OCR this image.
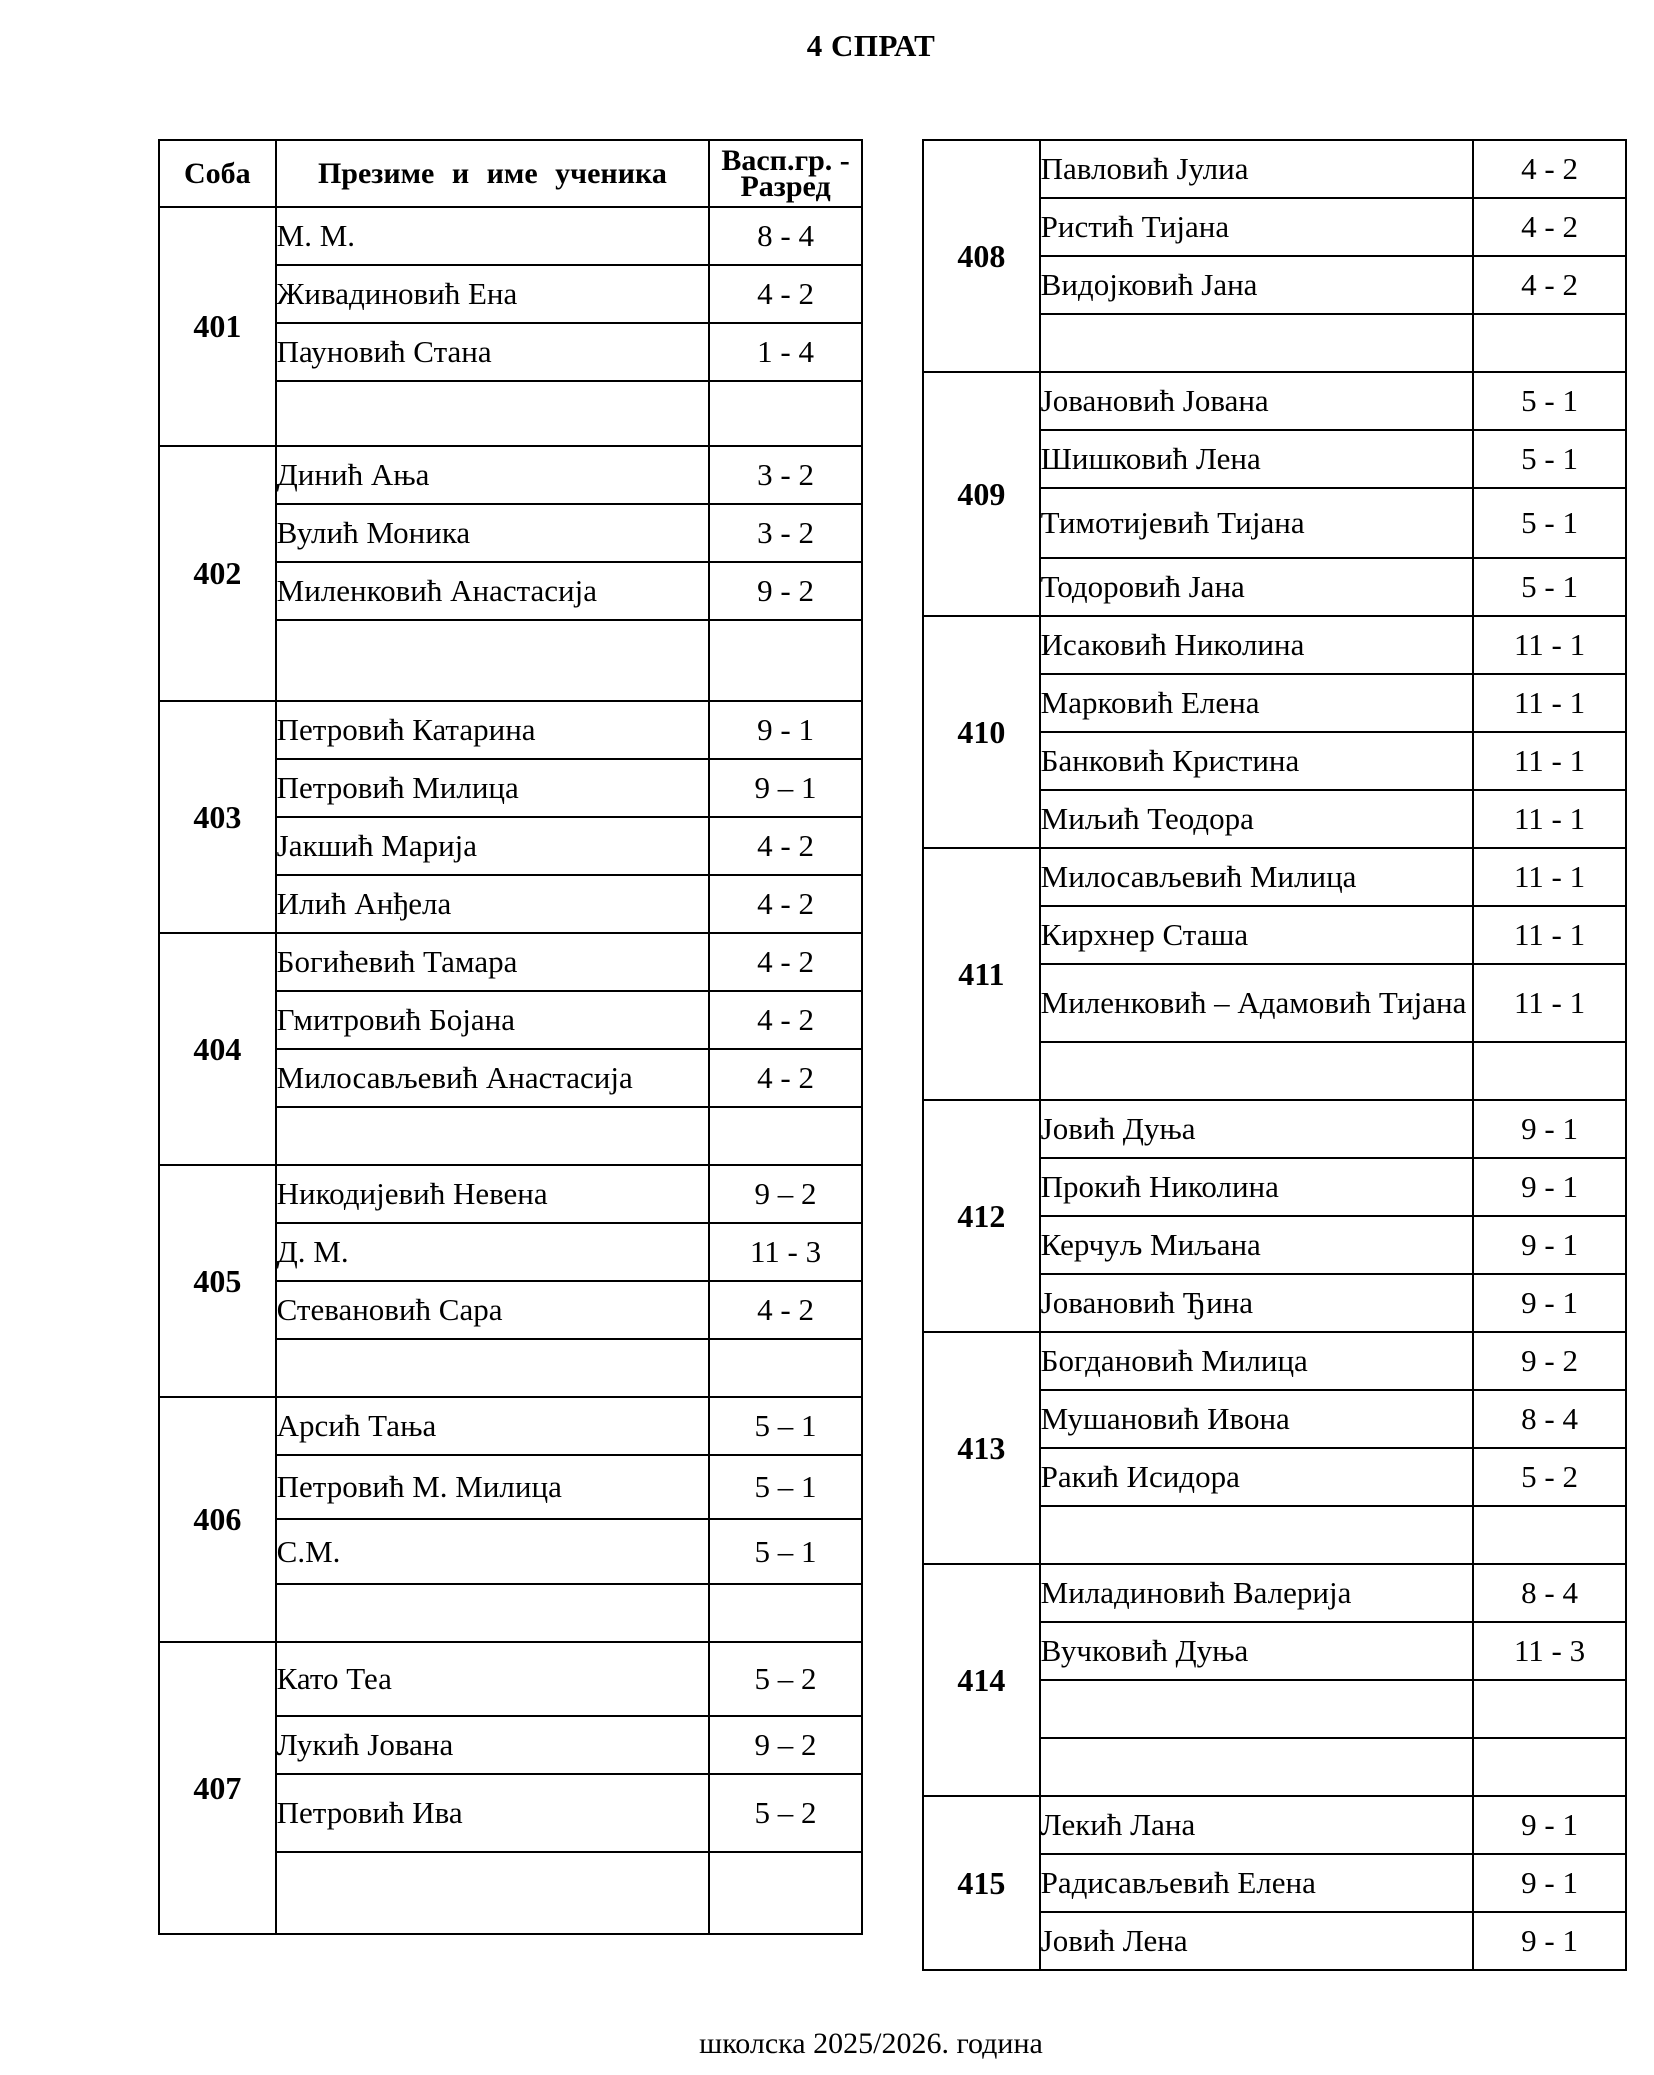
4 СПРАТ
Соба	Презиме и име ученика	Васп.гр. -
Разред
401	М. М.	8 - 4
	Живадиновић Ена	4 - 2
	Пауновић Стана	1 - 4

402	Динић Ања	3 - 2
	Вулић Моника	3 - 2
	Миленковић Анастасија	9 - 2

403	Петровић Катарина	9 - 1
	Петровић Милица	9 – 1
	Јакшић Марија	4 - 2
	Илић Анђела	4 - 2
404	Богићевић Тамара	4 - 2
	Гмитровић Бојана	4 - 2
	Милосављевић Анастасија	4 - 2

405	Никодијевић Невена	9 – 2
	Д. М.	11 - 3
	Стевановић Сара	4 - 2

406	Арсић Тања	5 – 1
	Петровић М. Милица	5 – 1
	С.М.	5 – 1

407	Като Теа	5 – 2
	Лукић Јована	9 – 2
	Петровић Ива	5 – 2

408	Павловић Јулиа	4 - 2
	Ристић Тијана	4 - 2
	Видојковић Јана	4 - 2

409	Јовановић Јована	5 - 1
	Шишковић Лена	5 - 1
	Тимотијевић Тијана	5 - 1
	Тодоровић Јана	5 - 1
410	Исаковић Николина	11 - 1
	Марковић Елена	11 - 1
	Банковић Кристина	11 - 1
	Миљић Теодора	11 - 1
411	Милосављевић Милица	11 - 1
	Кирхнер Сташа	11 - 1
	Миленковић – Адамовић Тијана	11 - 1

412	Јовић Дуња	9 - 1
	Прокић Николина	9 - 1
	Керчуљ Миљана	9 - 1
	Јовановић Ђина	9 - 1
413	Богдановић Милица	9 - 2
	Мушановић Ивона	8 - 4
	Ракић Исидора	5 - 2

414	Миладиновић Валерија	8 - 4
	Вучковић Дуња	11 - 3

415	Лекић Лана	9 - 1
	Радисављевић Елена	9 - 1
	Јовић Лена	9 - 1
школска 2025/2026. година
